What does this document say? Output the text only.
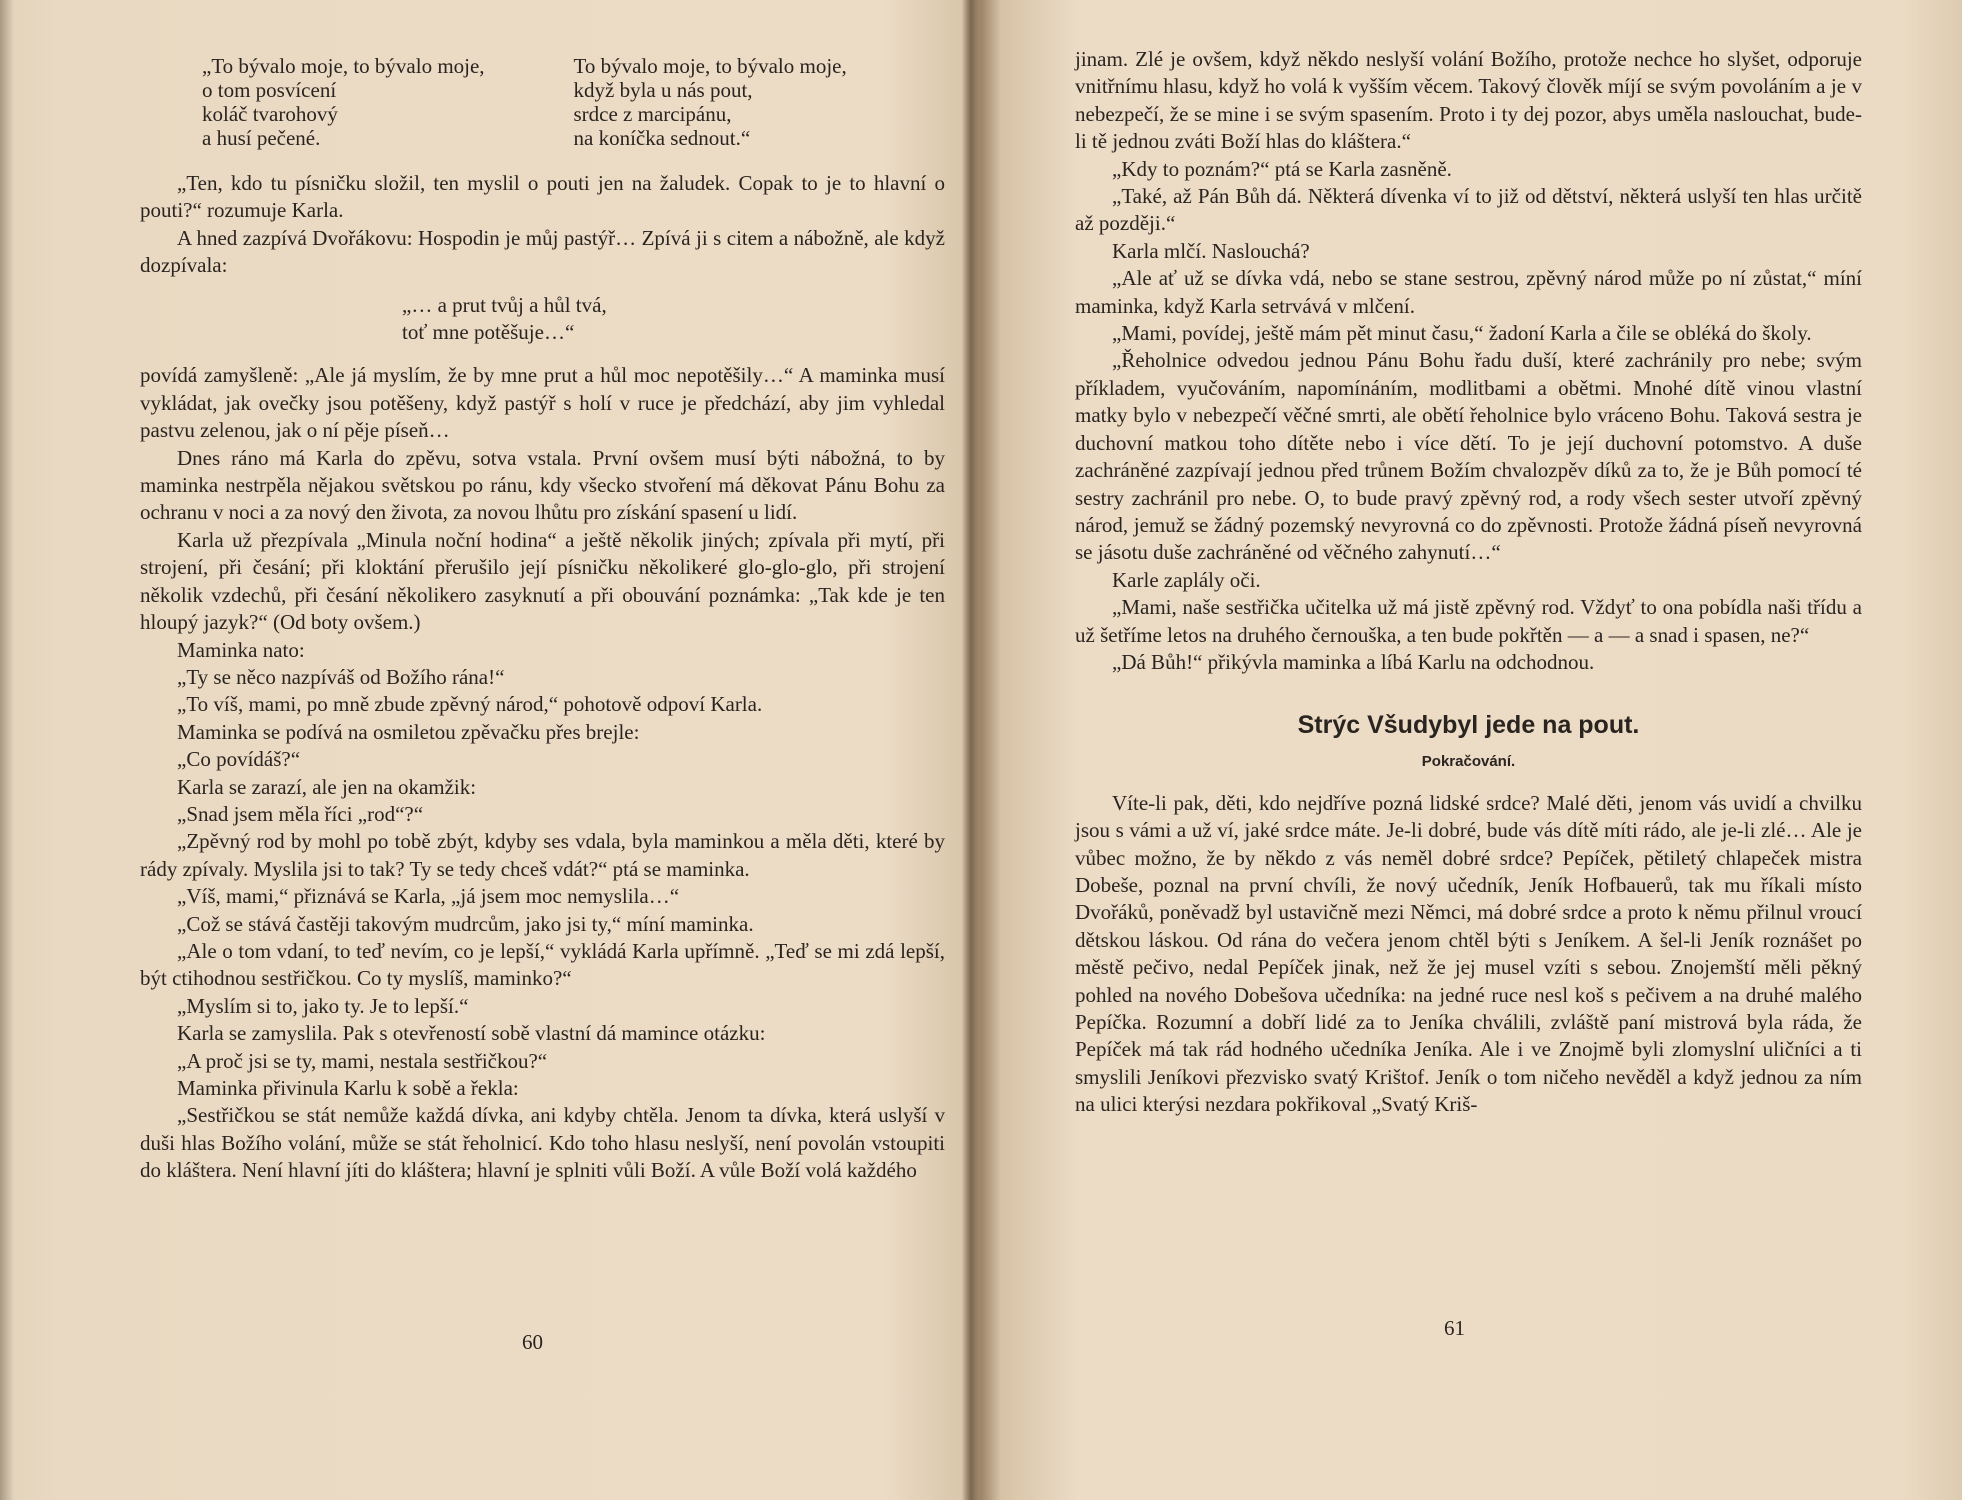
„To bývalo moje, to bývalo moje,

o tom posvícení

koláč tvarohový

a husí pečené.

To bývalo moje, to bývalo moje,

když byla u nás pout,

srdce z marcipánu,

na koníčka sednout.“

„Ten, kdo tu písničku složil, ten myslil o pouti jen na žaludek. Copak to je to hlavní o pouti?“ rozumuje Karla.

A hned zazpívá Dvořákovu: Hospodin je můj pastýř… Zpívá ji s citem a nábožně, ale když dozpívala:

„… a prut tvůj a hůl tvá,

toť mne potěšuje…“

povídá zamyšleně: „Ale já myslím, že by mne prut a hůl moc nepotěšily…“ A maminka musí vykládat, jak ovečky jsou potěšeny, když pastýř s holí v ruce je předchází, aby jim vyhledal pastvu zelenou, jak o ní pěje píseň…

Dnes ráno má Karla do zpěvu, sotva vstala. První ovšem musí býti nábožná, to by maminka nestrpěla nějakou světskou po ránu, kdy všecko stvoření má děkovat Pánu Bohu za ochranu v noci a za nový den života, za novou lhůtu pro získání spasení u lidí.

Karla už přezpívala „Minula noční hodina“ a ještě několik jiných; zpívala při mytí, při strojení, při česání; při kloktání přerušilo její písničku několikeré glo-glo-glo, při strojení několik vzdechů, při česání několikero zasyknutí a při obouvání poznámka: „Tak kde je ten hloupý jazyk?“ (Od boty ovšem.)

Maminka nato:

„Ty se něco nazpíváš od Božího rána!“

„To víš, mami, po mně zbude zpěvný národ,“ pohotově odpoví Karla.

Maminka se podívá na osmiletou zpěvačku přes brejle:

„Co povídáš?“

Karla se zarazí, ale jen na okamžik:

„Snad jsem měla říci „rod“?“

„Zpěvný rod by mohl po tobě zbýt, kdyby ses vdala, byla maminkou a měla děti, které by rády zpívaly. Myslila jsi to tak? Ty se tedy chceš vdát?“ ptá se maminka.

„Víš, mami,“ přiznává se Karla, „já jsem moc nemyslila…“

„Což se stává častěji takovým mudrcům, jako jsi ty,“ míní maminka.

„Ale o tom vdaní, to teď nevím, co je lepší,“ vykládá Karla upřímně. „Teď se mi zdá lepší, být ctihodnou sestřičkou. Co ty myslíš, maminko?“

„Myslím si to, jako ty. Je to lepší.“

Karla se zamyslila. Pak s otevřeností sobě vlastní dá mamince otázku:

„A proč jsi se ty, mami, nestala sestřičkou?“

Maminka přivinula Karlu k sobě a řekla:

„Sestřičkou se stát nemůže každá dívka, ani kdyby chtěla. Jenom ta dívka, která uslyší v duši hlas Božího volání, může se stát řeholnicí. Kdo toho hlasu neslyší, není povolán vstoupiti do kláštera. Není hlavní jíti do kláštera; hlavní je splniti vůli Boží. A vůle Boží volá každého

60

jinam. Zlé je ovšem, když někdo neslyší volání Božího, protože nechce ho slyšet, odporuje vnitřnímu hlasu, když ho volá k vyšším věcem. Takový člověk míjí se svým povoláním a je v nebezpečí, že se mine i se svým spasením. Proto i ty dej pozor, abys uměla naslouchat, bude-li tě jednou zváti Boží hlas do kláštera.“

„Kdy to poznám?“ ptá se Karla zasněně.

„Také, až Pán Bůh dá. Některá dívenka ví to již od dětství, některá uslyší ten hlas určitě až později.“

Karla mlčí. Naslouchá?

„Ale ať už se dívka vdá, nebo se stane sestrou, zpěvný národ může po ní zůstat,“ míní maminka, když Karla setrvává v mlčení.

„Mami, povídej, ještě mám pět minut času,“ žadoní Karla a čile se obléká do školy.

„Řeholnice odvedou jednou Pánu Bohu řadu duší, které zachránily pro nebe; svým příkladem, vyučováním, napomínáním, modlitbami a obětmi. Mnohé dítě vinou vlastní matky bylo v nebezpečí věčné smrti, ale obětí řeholnice bylo vráceno Bohu. Taková sestra je duchovní matkou toho dítěte nebo i více dětí. To je její duchovní potomstvo. A duše zachráněné zazpívají jednou před trůnem Božím chvalozpěv díků za to, že je Bůh pomocí té sestry zachránil pro nebe. O, to bude pravý zpěvný rod, a rody všech sester utvoří zpěvný národ, jemuž se žádný pozemský nevyrovná co do zpěvnosti. Protože žádná píseň nevyrovná se jásotu duše zachráněné od věčného zahynutí…“

Karle zaplály oči.

„Mami, naše sestřička učitelka už má jistě zpěvný rod. Vždyť to ona pobídla naši třídu a už šetříme letos na druhého černouška, a ten bude pokřtěn — a — a snad i spasen, ne?“

„Dá Bůh!“ přikývla maminka a líbá Karlu na odchodnou.

Strýc Všudybyl jede na pout.
Pokračování.

Víte-li pak, děti, kdo nejdříve pozná lidské srdce? Malé děti, jenom vás uvidí a chvilku jsou s vámi a už ví, jaké srdce máte. Je-li dobré, bude vás dítě míti rádo, ale je-li zlé… Ale je vůbec možno, že by někdo z vás neměl dobré srdce? Pepíček, pětiletý chlapeček mistra Dobeše, poznal na první chvíli, že nový učedník, Jeník Hofbauerů, tak mu říkali místo Dvořáků, poněvadž byl ustavičně mezi Němci, má dobré srdce a proto k němu přilnul vroucí dětskou láskou. Od rána do večera jenom chtěl býti s Jeníkem. A šel-li Jeník roznášet po městě pečivo, nedal Pepíček jinak, než že jej musel vzíti s sebou. Znojemští měli pěkný pohled na nového Dobešova učedníka: na jedné ruce nesl koš s pečivem a na druhé malého Pepíčka. Rozumní a dobří lidé za to Jeníka chválili, zvláště paní mistrová byla ráda, že Pepíček má tak rád hodného učedníka Jeníka. Ale i ve Znojmě byli zlomyslní uličníci a ti smyslili Jeníkovi přezvisko svatý Krištof. Jeník o tom ničeho nevěděl a když jednou za ním na ulici kterýsi nezdara pokřikoval „Svatý Kriš-

61
